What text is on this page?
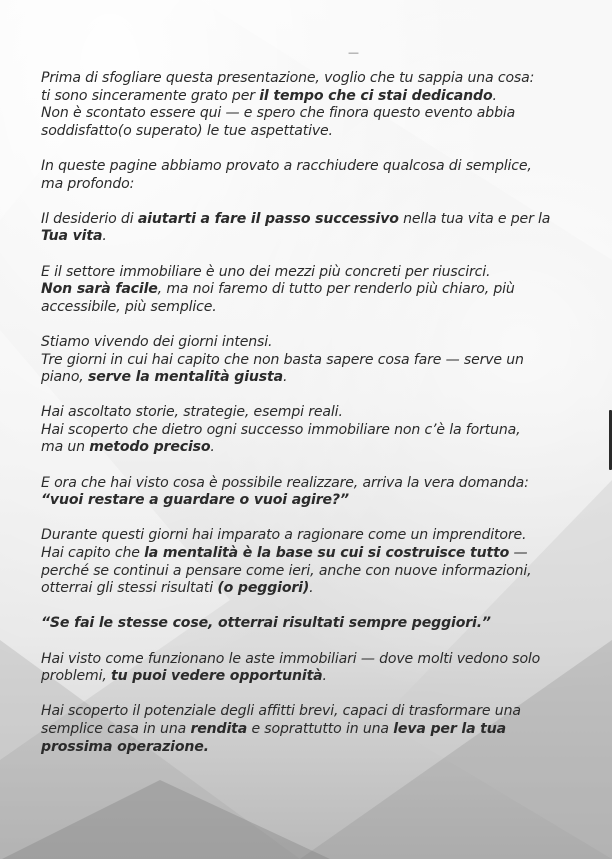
—
Prima di sfogliare questa presentazione, voglio che tu sappia una cosa:
ti sono sinceramente grato per il tempo che ci stai dedicando.
Non è scontato essere qui — e spero che finora questo evento abbia
soddisfatto(o superato) le tue aspettative.
In queste pagine abbiamo provato a racchiudere qualcosa di semplice,
ma profondo:
Il desiderio di aiutarti a fare il passo successivo nella tua vita e per la
Tua vita.
E il settore immobiliare è uno dei mezzi più concreti per riuscirci.
Non sarà facile, ma noi faremo di tutto per renderlo più chiaro, più
accessibile, più semplice.
Stiamo vivendo dei giorni intensi.
Tre giorni in cui hai capito che non basta sapere cosa fare — serve un
piano, serve la mentalità giusta.
Hai ascoltato storie, strategie, esempi reali.
Hai scoperto che dietro ogni successo immobiliare non c’è la fortuna,
ma un metodo preciso.
E ora che hai visto cosa è possibile realizzare, arriva la vera domanda:
“vuoi restare a guardare o vuoi agire?”
Durante questi giorni hai imparato a ragionare come un imprenditore.
Hai capito che la mentalità è la base su cui si costruisce tutto —
perché se continui a pensare come ieri, anche con nuove informazioni,
otterrai gli stessi risultati (o peggiori).
“Se fai le stesse cose, otterrai risultati sempre peggiori.”
Hai visto come funzionano le aste immobiliari — dove molti vedono solo
problemi, tu puoi vedere opportunità.
Hai scoperto il potenziale degli affitti brevi, capaci di trasformare una
semplice casa in una rendita e soprattutto in una leva per la tua
prossima operazione.
